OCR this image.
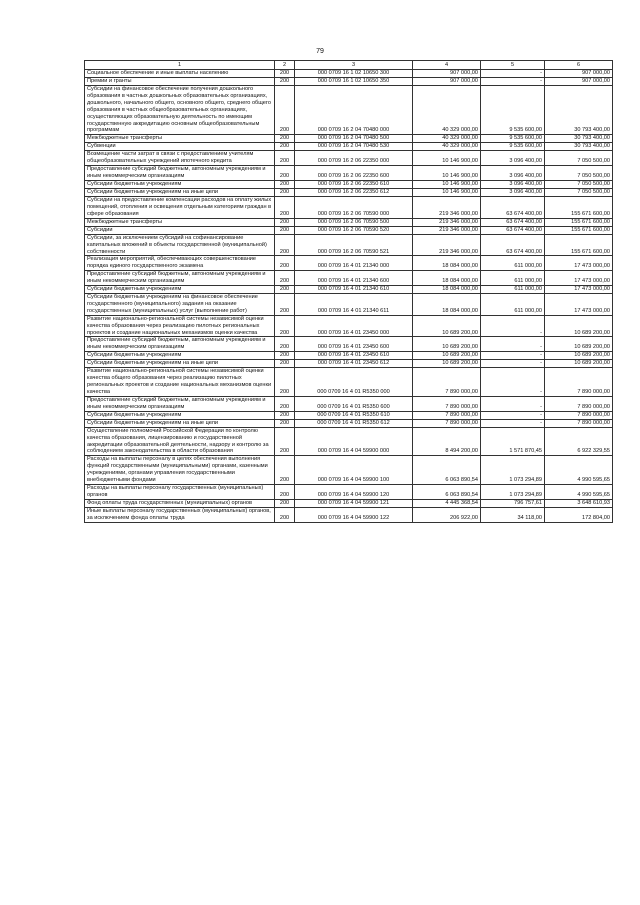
79
1	2	3	4	5	6
Социальное обеспечение и иные выплаты населению	200	000 0709 16 1 02 10650 300	907 000,00	-	907 000,00
Премии и гранты	200	000 0709 16 1 02 10650 350	907 000,00	-	907 000,00
Субсидии на финансовое обеспечение получения дошкольного образования в частных дошкольных образовательных организациях, дошкольного, начального общего, основного общего, среднего общего образования в частных общеобразовательных организациях, осуществляющих образовательную деятельность по имеющим государственную аккредитацию основным общеобразовательным программам	200	000 0709 16 2 04 70480 000	40 329 000,00	9 535 600,00	30 793 400,00
Межбюджетные трансферты	200	000 0709 16 2 04 70480 500	40 329 000,00	9 535 600,00	30 793 400,00
Субвенции	200	000 0709 16 2 04 70480 530	40 329 000,00	9 535 600,00	30 793 400,00
Возмещение части затрат в связи с предоставлением учителям общеобразовательных учреждений ипотечного кредита	200	000 0709 16 2 06 22350 000	10 146 900,00	3 096 400,00	7 050 500,00
Предоставление субсидий бюджетным, автономным учреждениям и иным некоммерческим организациям	200	000 0709 16 2 06 22350 600	10 146 900,00	3 096 400,00	7 050 500,00
Субсидии бюджетным учреждениям	200	000 0709 16 2 06 22350 610	10 146 900,00	3 096 400,00	7 050 500,00
Субсидии бюджетным учреждениям на иные цели	200	000 0709 16 2 06 22350 612	10 146 900,00	3 096 400,00	7 050 500,00
Субсидии на предоставление компенсации расходов на оплату жилых помещений, отопления и освещения отдельным категориям граждан в сфере образования	200	000 0709 16 2 06 70590 000	219 346 000,00	63 674 400,00	155 671 600,00
Межбюджетные трансферты	200	000 0709 16 2 06 70590 500	219 346 000,00	63 674 400,00	155 671 600,00
Субсидии	200	000 0709 16 2 06 70590 520	219 346 000,00	63 674 400,00	155 671 600,00
Субсидии, за исключением субсидий на софинансирование капитальных вложений в объекты государственной (муниципальной) собственности	200	000 0709 16 2 06 70590 521	219 346 000,00	63 674 400,00	155 671 600,00
Реализация мероприятий, обеспечивающих совершенствование порядка единого государственного экзамена	200	000 0709 16 4 01 21340 000	18 084 000,00	611 000,00	17 473 000,00
Предоставление субсидий бюджетным, автономным учреждениям и иным некоммерческим организациям	200	000 0709 16 4 01 21340 600	18 084 000,00	611 000,00	17 473 000,00
Субсидии бюджетным учреждениям	200	000 0709 16 4 01 21340 610	18 084 000,00	611 000,00	17 473 000,00
Субсидии бюджетным учреждениям на финансовое обеспечение государственного (муниципального) задания на оказание государственных (муниципальных) услуг (выполнение работ)	200	000 0709 16 4 01 21340 611	18 084 000,00	611 000,00	17 473 000,00
Развитие национально-региональной системы независимой оценки качества образования через реализацию пилотных региональных проектов и создание национальных механизмов оценки качества	200	000 0709 16 4 01 23450 000	10 689 200,00	-	10 689 200,00
Предоставление субсидий бюджетным, автономным учреждениям и иным некоммерческим организациям	200	000 0709 16 4 01 23450 600	10 689 200,00	-	10 689 200,00
Субсидии бюджетным учреждениям	200	000 0709 16 4 01 23450 610	10 689 200,00	-	10 689 200,00
Субсидии бюджетным учреждениям на иные цели	200	000 0709 16 4 01 23450 612	10 689 200,00	-	10 689 200,00
Развитие национально-региональной системы независимой оценки качества общего образования через реализацию пилотных региональных проектов и создание национальных механизмов оценки качества	200	000 0709 16 4 01 R5350 000	7 890 000,00	-	7 890 000,00
Предоставление субсидий бюджетным, автономным учреждениям и иным некоммерческим организациям	200	000 0709 16 4 01 R5350 600	7 890 000,00	-	7 890 000,00
Субсидии бюджетным учреждениям	200	000 0709 16 4 01 R5350 610	7 890 000,00	-	7 890 000,00
Субсидии бюджетным учреждениям на иные цели	200	000 0709 16 4 01 R5350 612	7 890 000,00	-	7 890 000,00
Осуществление полномочий Российской Федерации по контролю качества образования, лицензированию и государственной аккредитации образовательной деятельности, надзору и контролю за соблюдением законодательства в области образования	200	000 0709 16 4 04 59900 000	8 494 200,00	1 571 870,45	6 922 329,55
Расходы на выплаты персоналу в целях обеспечения выполнения функций государственными (муниципальными) органами, казенными учреждениями, органами управления государственными внебюджетными фондами	200	000 0709 16 4 04 59900 100	6 063 890,54	1 073 294,89	4 990 595,65
Расходы на выплаты персоналу государственных (муниципальных) органов	200	000 0709 16 4 04 59900 120	6 063 890,54	1 073 294,89	4 990 595,65
Фонд оплаты труда государственных (муниципальных) органов	200	000 0709 16 4 04 59900 121	4 445 368,54	796 757,61	3 648 610,93
Иные выплаты персоналу государственных (муниципальных) органов, за исключением фонда оплаты труда	200	000 0709 16 4 04 59900 122	206 922,00	34 118,00	172 804,00
